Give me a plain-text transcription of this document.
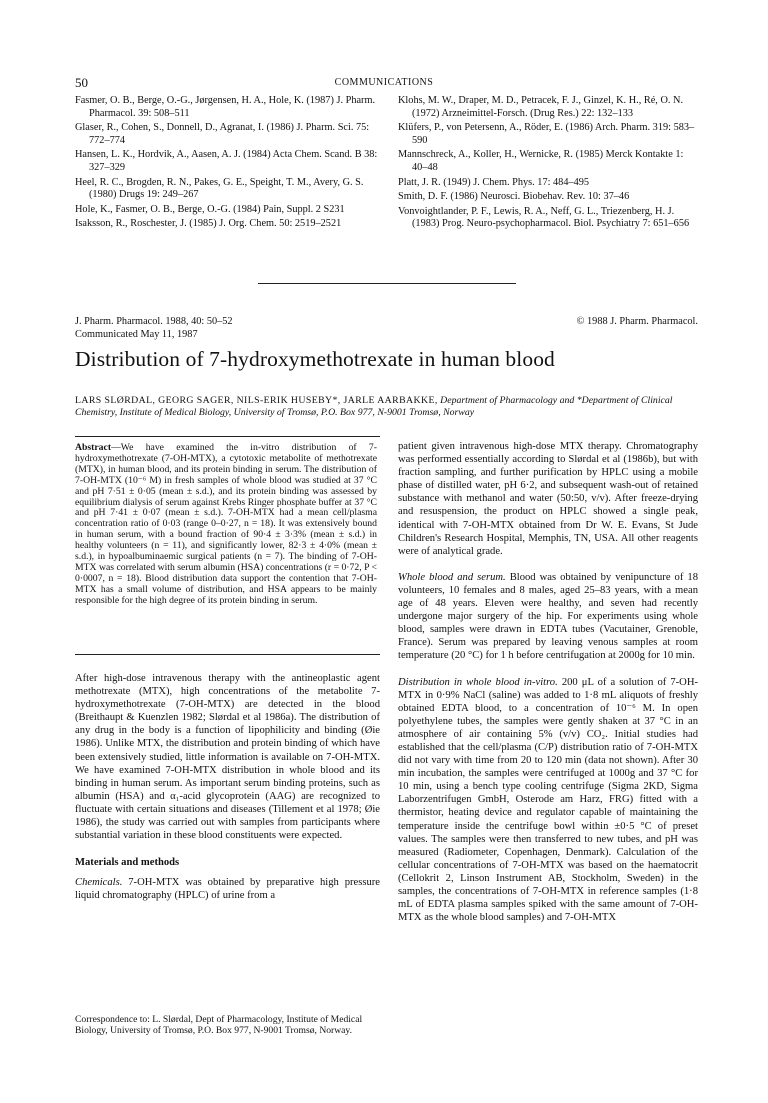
50	COMMUNICATIONS

Fasmer, O. B., Berge, O.-G., Jørgensen, H. A., Hole, K. (1987) J. Pharm. Pharmacol. 39: 508–511

Glaser, R., Cohen, S., Donnell, D., Agranat, I. (1986) J. Pharm. Sci. 75: 772–774

Hansen, L. K., Hordvik, A., Aasen, A. J. (1984) Acta Chem. Scand. B 38: 327–329

Heel, R. C., Brogden, R. N., Pakes, G. E., Speight, T. M., Avery, G. S. (1980) Drugs 19: 249–267

Hole, K., Fasmer, O. B., Berge, O.-G. (1984) Pain, Suppl. 2 S231

Isaksson, R., Roschester, J. (1985) J. Org. Chem. 50: 2519–2521

Klohs, M. W., Draper, M. D., Petracek, F. J., Ginzel, K. H., Ré, O. N. (1972) Arzneimittel-Forsch. (Drug Res.) 22: 132–133

Klüfers, P., von Petersenn, A., Röder, E. (1986) Arch. Pharm. 319: 583–590

Mannschreck, A., Koller, H., Wernicke, R. (1985) Merck Kontakte 1: 40–48

Platt, J. R. (1949) J. Chem. Phys. 17: 484–495

Smith, D. F. (1986) Neurosci. Biobehav. Rev. 10: 37–46

Vonvoightlander, P. F., Lewis, R. A., Neff, G. L., Triezenberg, H. J. (1983) Prog. Neuro-psychopharmacol. Biol. Psychiatry 7: 651–656

J. Pharm. Pharmacol. 1988, 40: 50–52
Communicated May 11, 1987
© 1988 J. Pharm. Pharmacol.
Distribution of 7-hydroxymethotrexate in human blood
LARS SLØRDAL, GEORG SAGER, NILS-ERIK HUSEBY*, JARLE AARBAKKE, Department of Pharmacology and *Department of Clinical Chemistry, Institute of Medical Biology, University of Tromsø, P.O. Box 977, N-9001 Tromsø, Norway
Abstract—We have examined the in-vitro distribution of 7-hydroxymethotrexate (7-OH-MTX), a cytotoxic metabolite of methotrexate (MTX), in human blood, and its protein binding in serum. The distribution of 7-OH-MTX (10⁻⁶ M) in fresh samples of whole blood was studied at 37 °C and pH 7·51 ± 0·05 (mean ± s.d.), and its protein binding was assessed by equilibrium dialysis of serum against Krebs Ringer phosphate buffer at 37 °C and pH 7·41 ± 0·07 (mean ± s.d.). 7-OH-MTX had a mean cell/plasma concentration ratio of 0·03 (range 0–0·27, n = 18). It was extensively bound in human serum, with a bound fraction of 90·4 ± 3·3% (mean ± s.d.) in healthy volunteers (n = 11), and significantly lower, 82·3 ± 4·0% (mean ± s.d.), in hypoalbuminaemic surgical patients (n = 7). The binding of 7-OH-MTX was correlated with serum albumin (HSA) concentrations (r = 0·72, P < 0·0007, n = 18). Blood distribution data support the contention that 7-OH-MTX has a small volume of distribution, and HSA appears to be mainly responsible for the high degree of its protein binding in serum.

After high-dose intravenous therapy with the antineoplastic agent methotrexate (MTX), high concentrations of the metabolite 7-hydroxymethotrexate (7-OH-MTX) are detected in the blood (Breithaupt & Kuenzlen 1982; Slørdal et al 1986a). The distribution of any drug in the body is a function of lipophilicity and binding (Øie 1986). Unlike MTX, the distribution and protein binding of which have been extensively studied, little information is available on 7-OH-MTX. We have examined 7-OH-MTX distribution in whole blood and its binding in human serum. As important serum binding proteins, such as albumin (HSA) and α₁-acid glycoprotein (AAG) are recognized to fluctuate with certain situations and diseases (Tillement et al 1978; Øie 1986), the study was carried out with samples from participants where substantial variation in these blood constituents were expected.

Materials and methods

Chemicals. 7-OH-MTX was obtained by preparative high pressure liquid chromatography (HPLC) of urine from a

Correspondence to: L. Slørdal, Dept of Pharmacology, Institute of Medical Biology, University of Tromsø, P.O. Box 977, N-9001 Tromsø, Norway.

patient given intravenous high-dose MTX therapy. Chromatography was performed essentially according to Slørdal et al (1986b), but with fraction sampling, and further purification by HPLC using a mobile phase of distilled water, pH 6·2, and subsequent wash-out of retained substance with methanol and water (50:50, v/v). After freeze-drying and resuspension, the product on HPLC showed a single peak, identical with 7-OH-MTX obtained from Dr W. E. Evans, St Jude Children's Research Hospital, Memphis, TN, USA. All other reagents were of analytical grade.

Whole blood and serum. Blood was obtained by venipuncture of 18 volunteers, 10 females and 8 males, aged 25–83 years, with a mean age of 48 years. Eleven were healthy, and seven had recently undergone major surgery of the hip. For experiments using whole blood, samples were drawn in EDTA tubes (Vacutainer, Grenoble, France). Serum was prepared by leaving venous samples at room temperature (20 °C) for 1 h before centrifugation at 2000g for 10 min.

Distribution in whole blood in-vitro. 200 μL of a solution of 7-OH-MTX in 0·9% NaCl (saline) was added to 1·8 mL aliquots of freshly obtained EDTA blood, to a concentration of 10⁻⁶ M. In open polyethylene tubes, the samples were gently shaken at 37 °C in an atmosphere of air containing 5% (v/v) CO₂. Initial studies had established that the cell/plasma (C/P) distribution ratio of 7-OH-MTX did not vary with time from 20 to 120 min (data not shown). After 30 min incubation, the samples were centrifuged at 1000g and 37 °C for 10 min, using a bench type cooling centrifuge (Sigma 2KD, Sigma Laborzentrifugen GmbH, Osterode am Harz, FRG) fitted with a thermistor, heating device and regulator capable of maintaining the temperature inside the centrifuge bowl within ±0·5 °C of preset values. The samples were then transferred to new tubes, and pH was measured (Radiometer, Copenhagen, Denmark). Calculation of the cellular concentrations of 7-OH-MTX was based on the haematocrit (Cellokrit 2, Linson Instrument AB, Stockholm, Sweden) in the samples, the concentrations of 7-OH-MTX in reference samples (1·8 mL of EDTA plasma samples spiked with the same amount of 7-OH-MTX as the whole blood samples) and 7-OH-MTX
